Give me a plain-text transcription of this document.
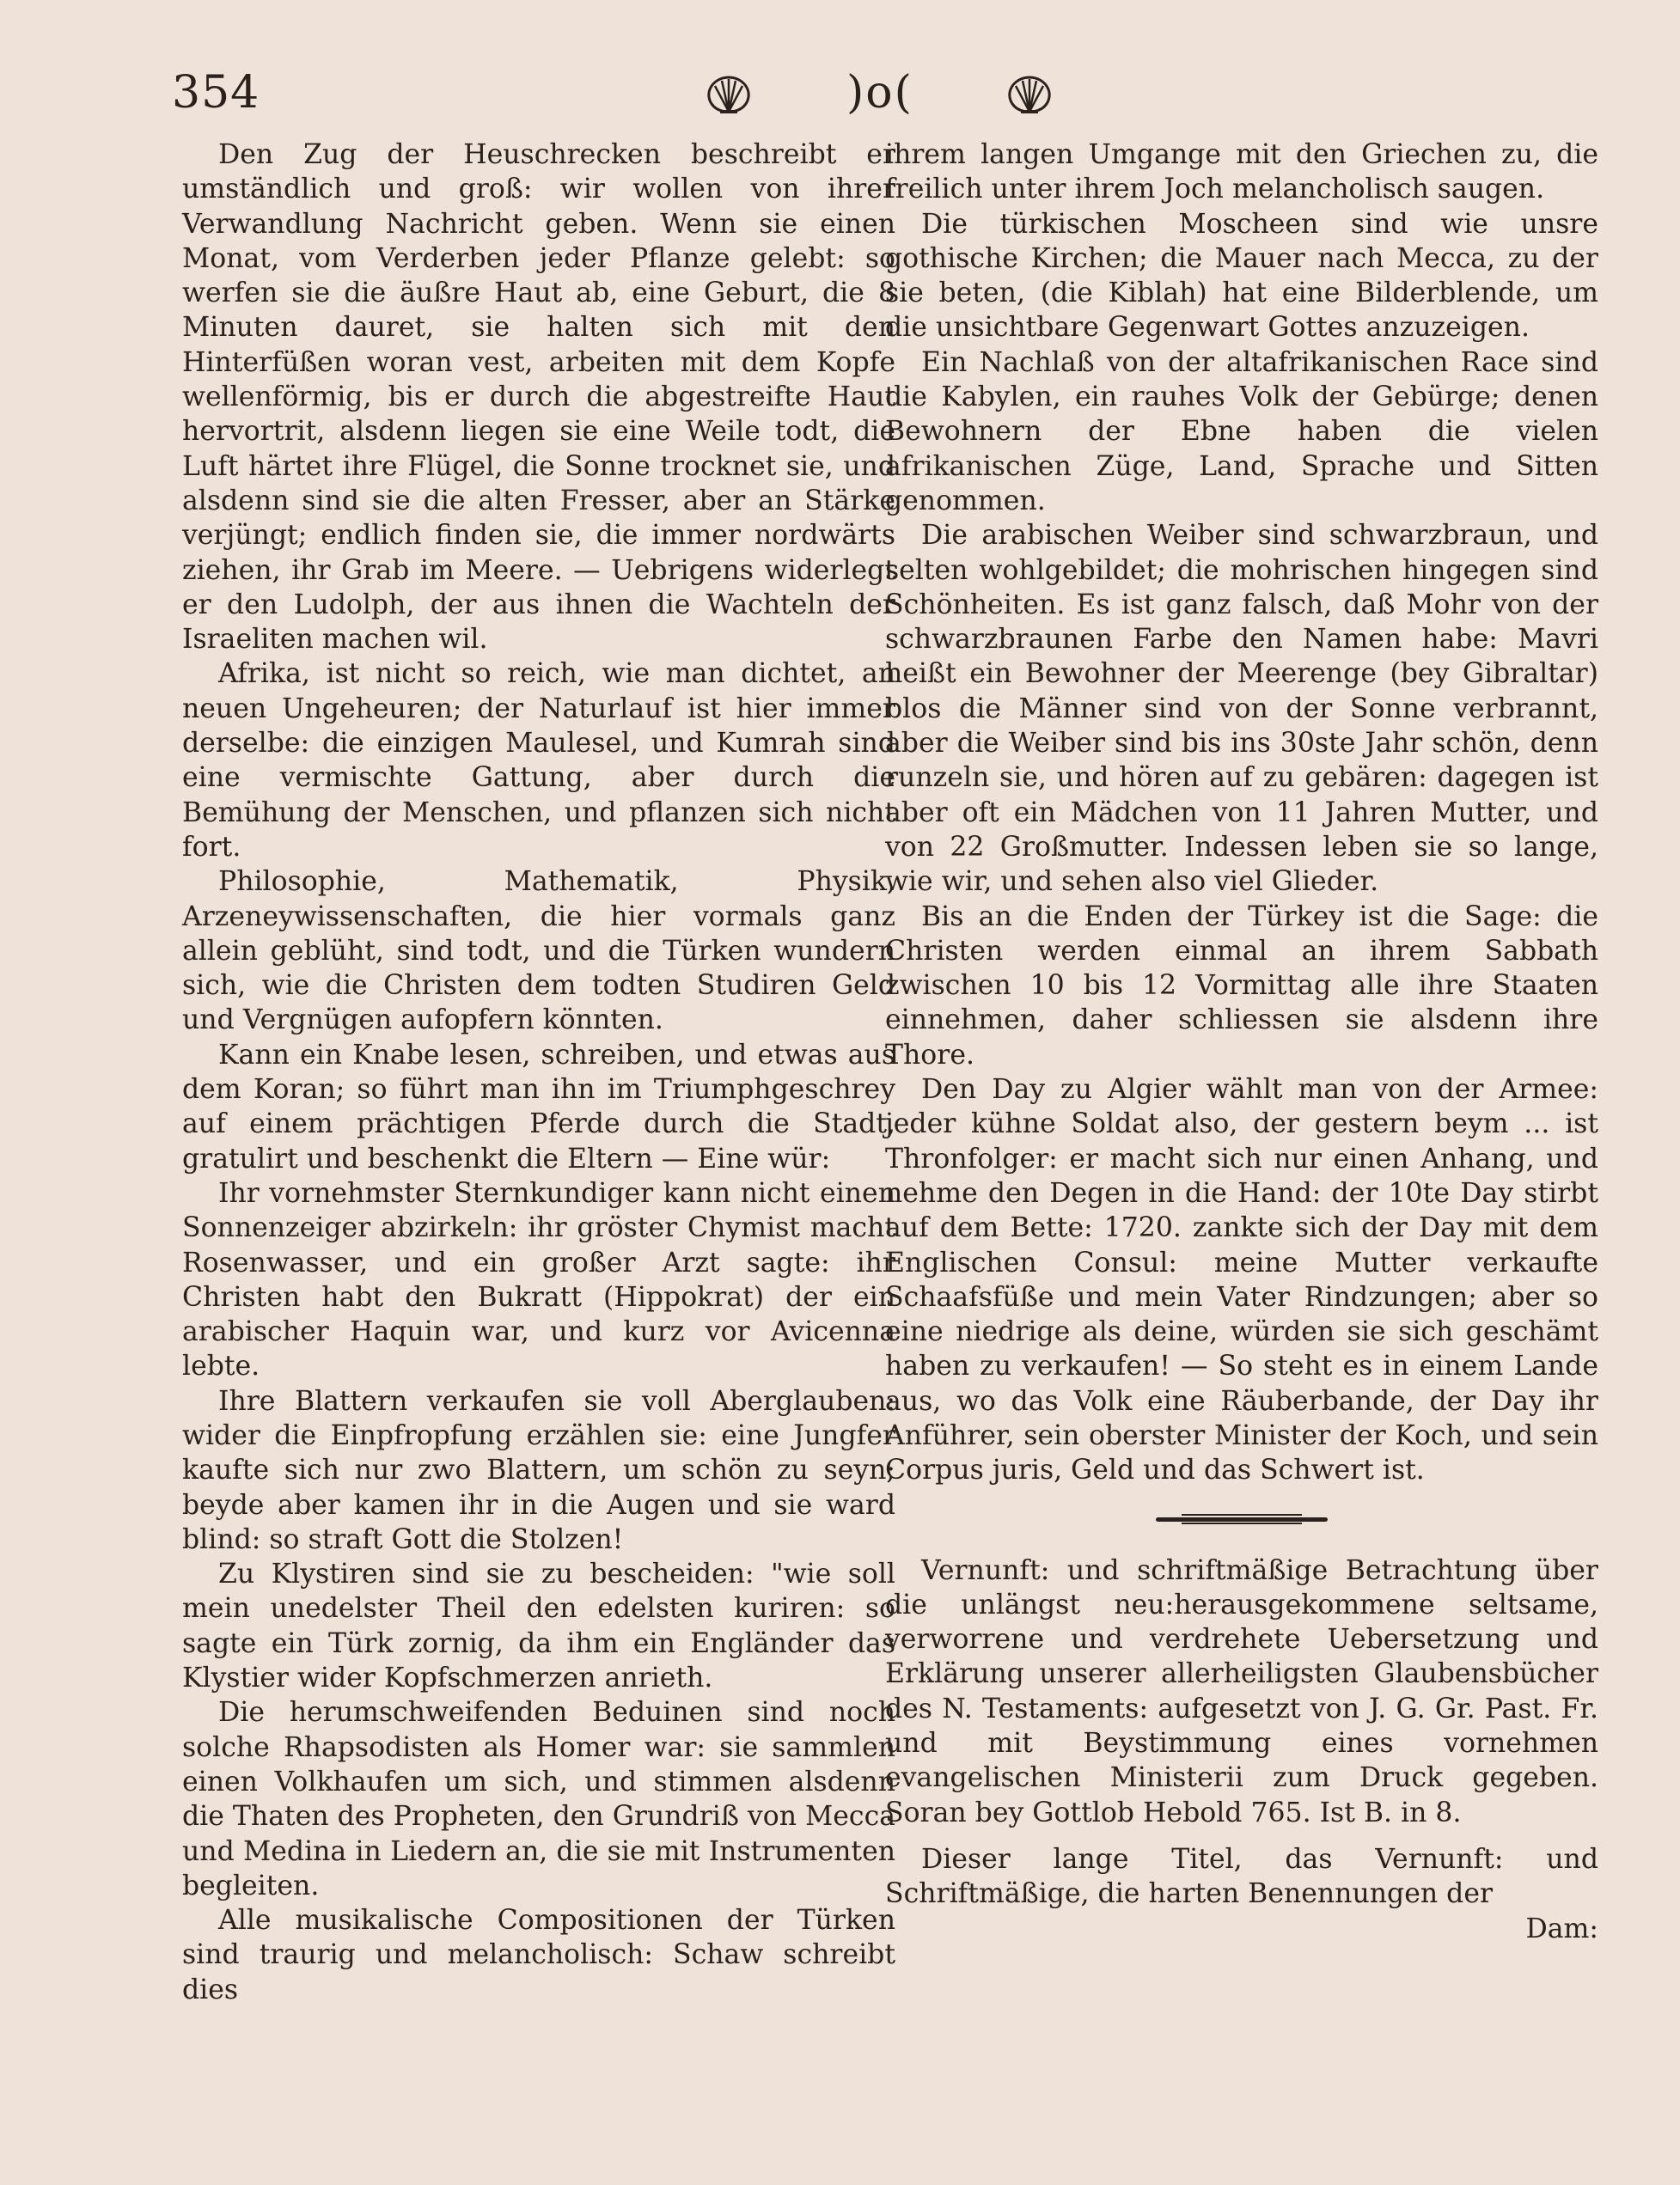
354	)o(

Den Zug der Heuschrecken beschreibt er umständlich und groß: wir wollen von ihrer Verwandlung Nachricht geben. Wenn sie einen Monat, vom Verderben jeder Pflanze gelebt: so werfen sie die äußre Haut ab, eine Geburt, die 8 Minuten dauret, sie halten sich mit den Hinterfüßen woran vest, arbeiten mit dem Kopfe wellenförmig, bis er durch die abgestreifte Haut hervortrit, alsdenn liegen sie eine Weile todt, die Luft härtet ihre Flügel, die Sonne trocknet sie, und alsdenn sind sie die alten Fresser, aber an Stärke verjüngt; endlich finden sie, die immer nordwärts ziehen, ihr Grab im Meere. — Uebrigens widerlegt er den Ludolph, der aus ihnen die Wachteln der Israeliten machen wil.

Afrika, ist nicht so reich, wie man dichtet, an neuen Ungeheuren; der Naturlauf ist hier immer derselbe: die einzigen Maulesel, und Kumrah sind eine vermischte Gattung, aber durch die Bemühung der Menschen, und pflanzen sich nicht fort.

Philosophie, Mathematik, Physik, Arzeneywissenschaften, die hier vormals ganz allein geblüht, sind todt, und die Türken wundern sich, wie die Christen dem todten Studiren Geld und Vergnügen aufopfern könnten.

Kann ein Knabe lesen, schreiben, und etwas aus dem Koran; so führt man ihn im Triumphgeschrey auf einem prächtigen Pferde durch die Stadt, gratulirt und beschenkt die Eltern — Eine wür:

Ihr vornehmster Sternkundiger kann nicht einen Sonnenzeiger abzirkeln: ihr gröster Chymist macht Rosenwasser, und ein großer Arzt sagte: ihr Christen habt den Bukratt (Hippokrat) der ein arabischer Haquin war, und kurz vor Avicenna lebte.

Ihre Blattern verkaufen sie voll Aberglauben: wider die Einpfropfung erzählen sie: eine Jungfer kaufte sich nur zwo Blattern, um schön zu seyn; beyde aber kamen ihr in die Augen und sie ward blind: so straft Gott die Stolzen!

Zu Klystiren sind sie zu bescheiden: "wie soll mein unedelster Theil den edelsten kuriren: so sagte ein Türk zornig, da ihm ein Engländer das Klystier wider Kopfschmerzen anrieth.

Die herumschweifenden Beduinen sind noch solche Rhapsodisten als Homer war: sie sammlen einen Volkhaufen um sich, und stimmen alsdenn die Thaten des Propheten, den Grundriß von Mecca und Medina in Liedern an, die sie mit Instrumenten begleiten.

Alle musikalische Compositionen der Türken sind traurig und melancholisch: Schaw schreibt dies

ihrem langen Umgange mit den Griechen zu, die freilich unter ihrem Joch melancholisch saugen.

Die türkischen Moscheen sind wie unsre gothische Kirchen; die Mauer nach Mecca, zu der sie beten, (die Kiblah) hat eine Bilderblende, um die unsichtbare Gegenwart Gottes anzuzeigen.

Ein Nachlaß von der altafrikanischen Race sind die Kabylen, ein rauhes Volk der Gebürge; denen Bewohnern der Ebne haben die vielen afrikanischen Züge, Land, Sprache und Sitten genommen.

Die arabischen Weiber sind schwarzbraun, und selten wohlgebildet; die mohrischen hingegen sind Schönheiten. Es ist ganz falsch, daß Mohr von der schwarzbraunen Farbe den Namen habe: Mavri heißt ein Bewohner der Meerenge (bey Gibraltar) blos die Männer sind von der Sonne verbrannt, aber die Weiber sind bis ins 30ste Jahr schön, denn runzeln sie, und hören auf zu gebären: dagegen ist aber oft ein Mädchen von 11 Jahren Mutter, und von 22 Großmutter. Indessen leben sie so lange, wie wir, und sehen also viel Glieder.

Bis an die Enden der Türkey ist die Sage: die Christen werden einmal an ihrem Sabbath zwischen 10 bis 12 Vormittag alle ihre Staaten einnehmen, daher schliessen sie alsdenn ihre Thore.

Den Day zu Algier wählt man von der Armee: jeder kühne Soldat also, der gestern beym ... ist Thronfolger: er macht sich nur einen Anhang, und nehme den Degen in die Hand: der 10te Day stirbt auf dem Bette: 1720. zankte sich der Day mit dem Englischen Consul: meine Mutter verkaufte Schaafsfüße und mein Vater Rindzungen; aber so eine niedrige als deine, würden sie sich geschämt haben zu verkaufen! — So steht es in einem Lande aus, wo das Volk eine Räuberbande, der Day ihr Anführer, sein oberster Minister der Koch, und sein Corpus juris, Geld und das Schwert ist.

Vernunft: und schriftmäßige Betrachtung über die unlängst neu:herausgekommene seltsame, verworrene und verdrehete Uebersetzung und Erklärung unserer allerheiligsten Glaubensbücher des N. Testaments: aufgesetzt von J. G. Gr. Past. Fr. und mit Beystimmung eines vornehmen evangelischen Ministerii zum Druck gegeben. Soran bey Gottlob Hebold 765. Ist B. in 8.

Dieser lange Titel, das Vernunft: und Schriftmäßige, die harten Benennungen der

Dam:
